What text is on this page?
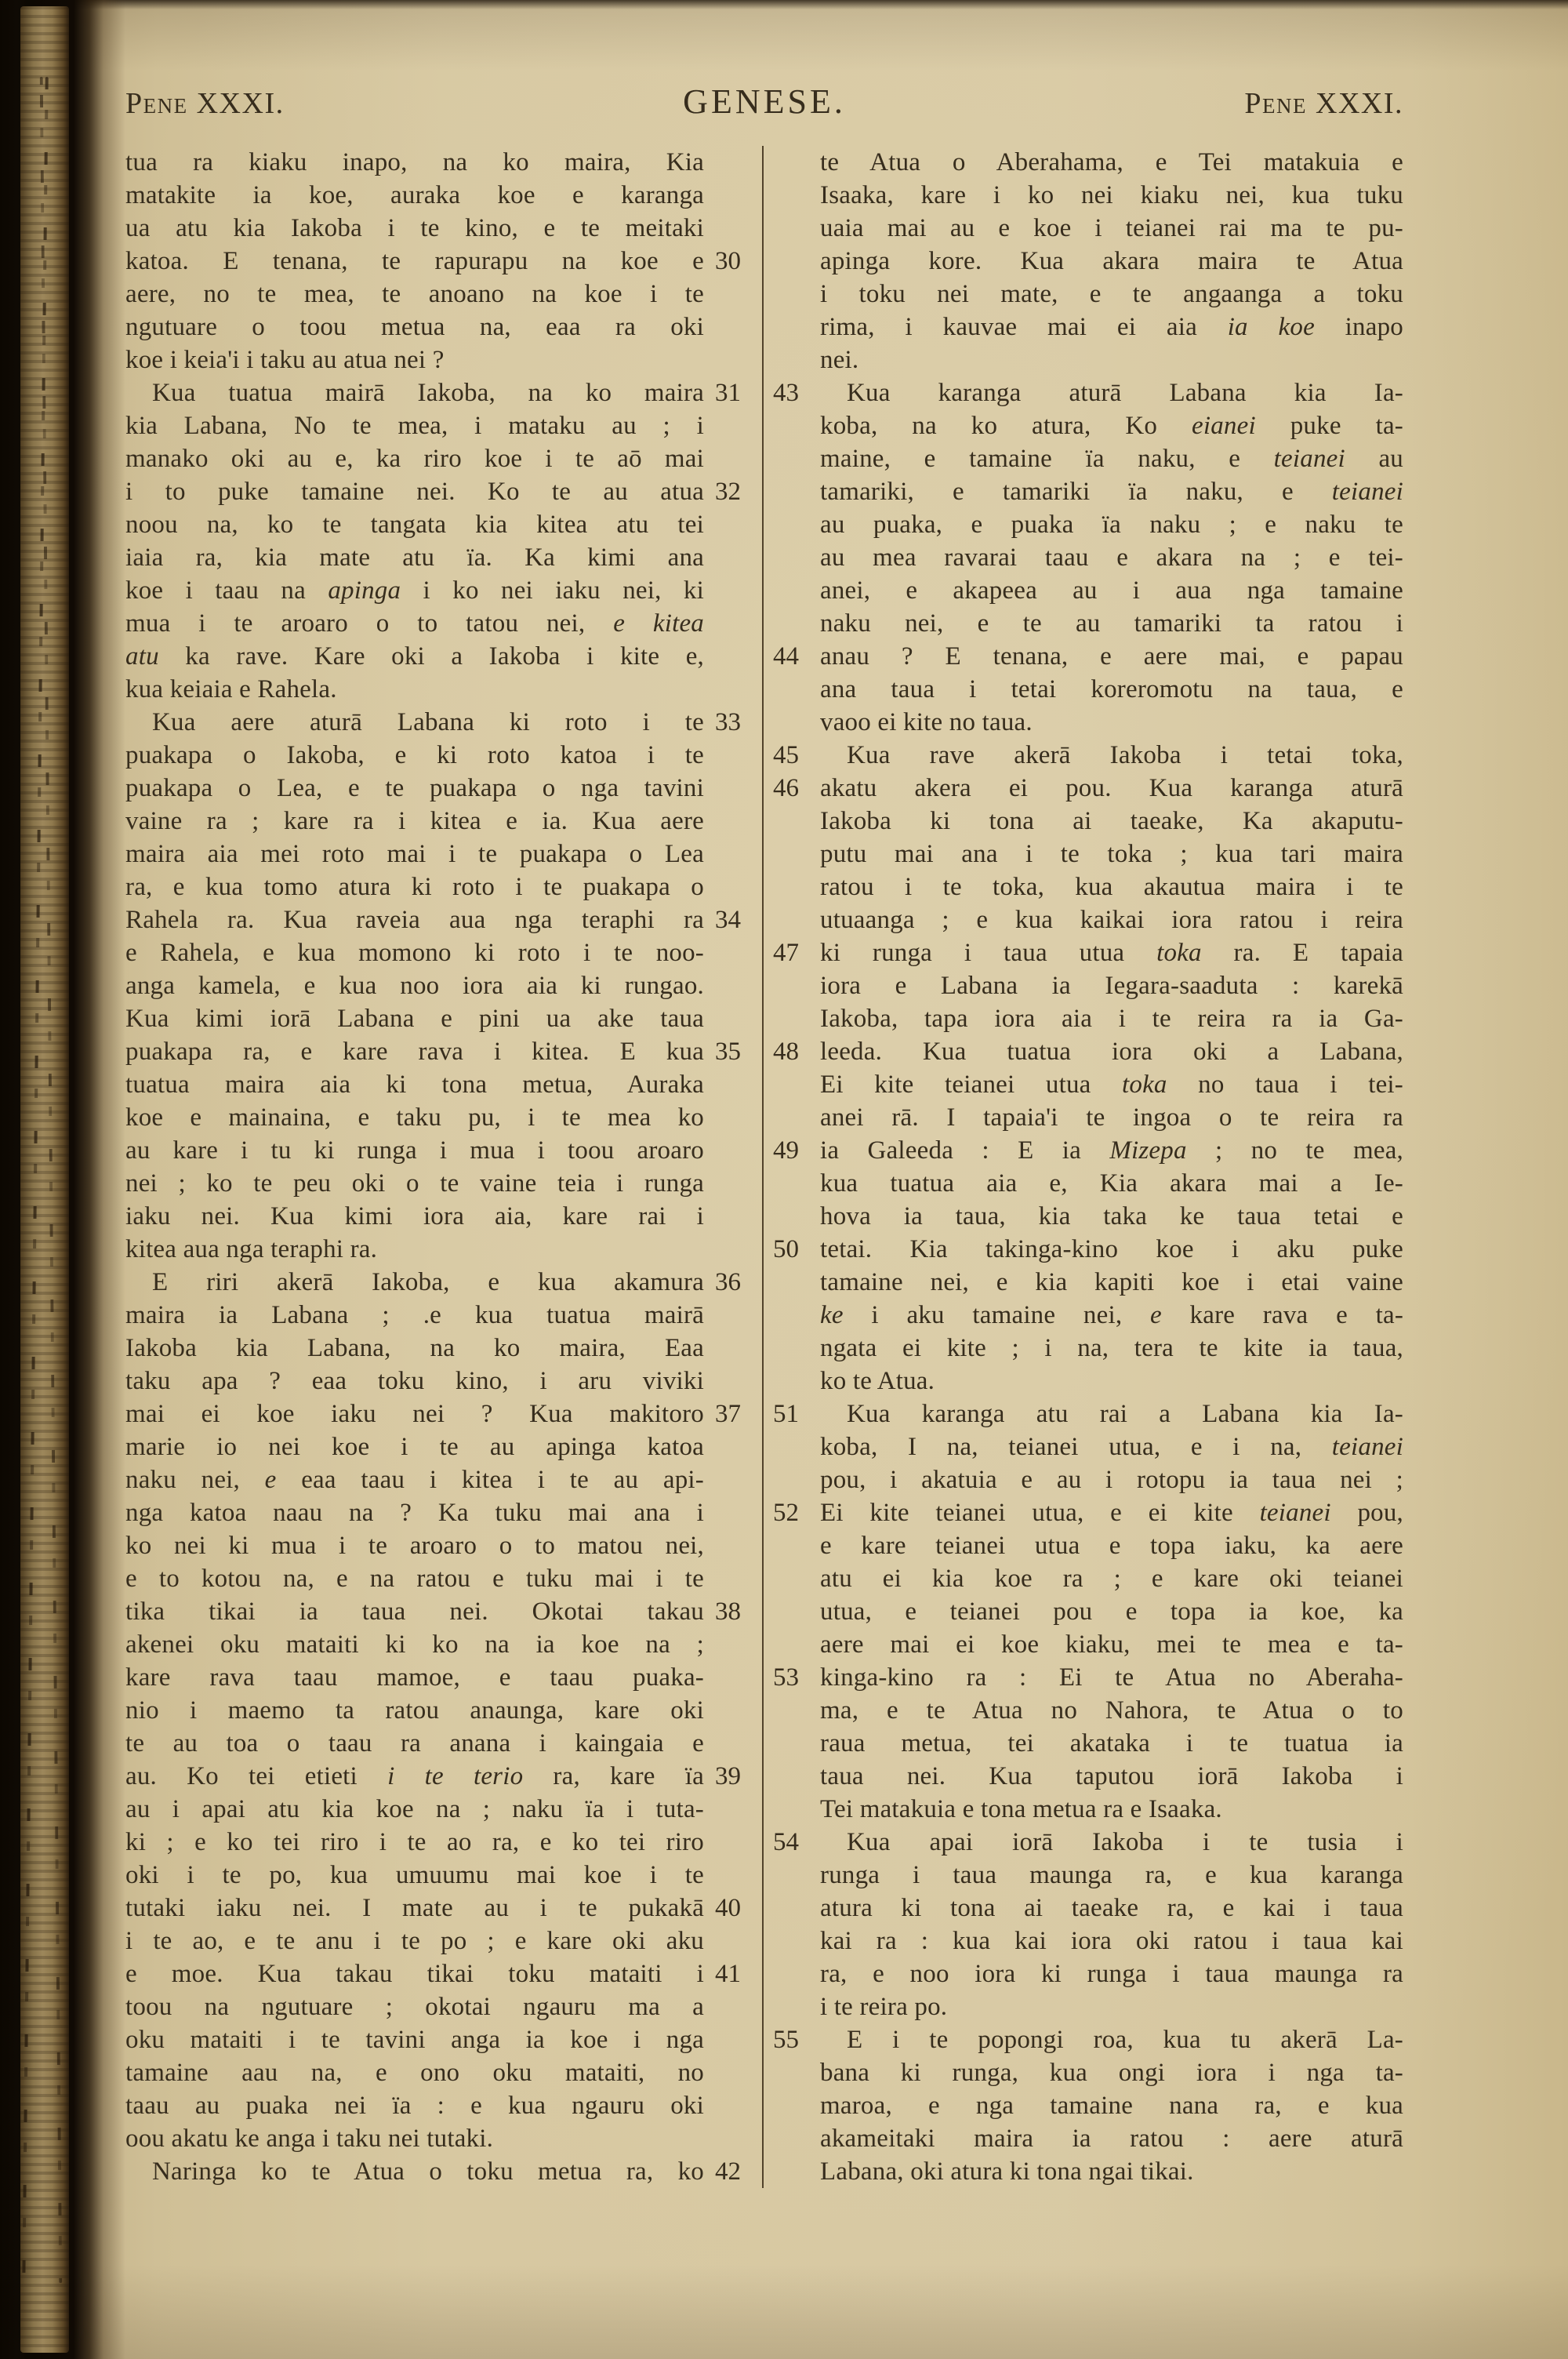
Pene XXXI.	GENESE.	Pene XXXI.
tua ra kiaku inapo, na ko maira, Kia
matakite ia koe, auraka koe e karanga
ua atu kia Iakoba i te kino, e te meitaki
katoa. E tenana, te rapurapu na koe e 30
aere, no te mea, te anoano na koe i te
ngutuare o toou metua na, eaa ra oki
koe i keia'i i taku au atua nei ?
Kua tuatua mairā Iakoba, na ko maira 31
kia Labana, No te mea, i mataku au ; i
manako oki au e, ka riro koe i te aō mai
i to puke tamaine nei. Ko te au atua 32
noou na, ko te tangata kia kitea atu tei
iaia ra, kia mate atu ïa. Ka kimi ana
koe i taau na apinga i ko nei iaku nei, ki
mua i te aroaro o to tatou nei, e kitea
atu ka rave. Kare oki a Iakoba i kite e,
kua keiaia e Rahela.
Kua aere aturā Labana ki roto i te 33
puakapa o Iakoba, e ki roto katoa i te
puakapa o Lea, e te puakapa o nga tavini
vaine ra ; kare ra i kitea e ia. Kua aere
maira aia mei roto mai i te puakapa o Lea
ra, e kua tomo atura ki roto i te puakapa o
Rahela ra. Kua raveia aua nga teraphi ra 34
e Rahela, e kua momono ki roto i te noo-
anga kamela, e kua noo iora aia ki rungao.
Kua kimi iorā Labana e pini ua ake taua
puakapa ra, e kare rava i kitea. E kua 35
tuatua maira aia ki tona metua, Auraka
koe e mainaina, e taku pu, i te mea ko
au kare i tu ki runga i mua i toou aroaro
nei ; ko te peu oki o te vaine teia i runga
iaku nei. Kua kimi iora aia, kare rai i
kitea aua nga teraphi ra.
E riri akerā Iakoba, e kua akamura 36
maira ia Labana ; .e kua tuatua mairā
Iakoba kia Labana, na ko maira, Eaa
taku apa ? eaa toku kino, i aru viviki
mai ei koe iaku nei ? Kua makitoro 37
marie io nei koe i te au apinga katoa
naku nei, e eaa taau i kitea i te au api-
nga katoa naau na ? Ka tuku mai ana i
ko nei ki mua i te aroaro o to matou nei,
e to kotou na, e na ratou e tuku mai i te
tika tikai ia taua nei. Okotai takau 38
akenei oku mataiti ki ko na ia koe na ;
kare rava taau mamoe, e taau puaka-
nio i maemo ta ratou anaunga, kare oki
te au toa o taau ra anana i kaingaia e
au. Ko tei etieti i te terio ra, kare ïa 39
au i apai atu kia koe na ; naku ïa i tuta-
ki ; e ko tei riro i te ao ra, e ko tei riro
oki i te po, kua umuumu mai koe i te
tutaki iaku nei. I mate au i te pukakā 40
i te ao, e te anu i te po ; e kare oki aku
e moe. Kua takau tikai toku mataiti i 41
toou na ngutuare ; okotai ngauru ma a
oku mataiti i te tavini anga ia koe i nga
tamaine aau na, e ono oku mataiti, no
taau au puaka nei ïa : e kua ngauru oki
oou akatu ke anga i taku nei tutaki.
Naringa ko te Atua o toku metua ra, ko 42
te Atua o Aberahama, e Tei matakuia e
Isaaka, kare i ko nei kiaku nei, kua tuku
uaia mai au e koe i teianei rai ma te pu-
apinga kore. Kua akara maira te Atua
i toku nei mate, e te angaanga a toku
rima, i kauvae mai ei aia ia koe inapo
nei.
43	Kua karanga aturā Labana kia Ia-
koba, na ko atura, Ko eianei puke ta-
maine, e tamaine ïa naku, e teianei au
tamariki, e tamariki ïa naku, e teianei
au puaka, e puaka ïa naku ; e naku te
au mea ravarai taau e akara na ; e tei-
anei, e akapeea au i aua nga tamaine
naku nei, e te au tamariki ta ratou i
44 anau ? E tenana, e aere mai, e papau
ana taua i tetai koreromotu na taua, e
vaoo ei kite no taua.
45	Kua rave akerā Iakoba i tetai toka,
46 akatu akera ei pou. Kua karanga aturā
Iakoba ki tona ai taeake, Ka akaputu-
putu mai ana i te toka ; kua tari maira
ratou i te toka, kua akautua maira i te
utuaanga ; e kua kaikai iora ratou i reira
47 ki runga i taua utua toka ra. E tapaia
iora e Labana ia Iegara-saaduta : karekā
Iakoba, tapa iora aia i te reira ra ia Ga-
48 leeda. Kua tuatua iora oki a Labana,
Ei kite teianei utua toka no taua i tei-
anei rā. I tapaia'i te ingoa o te reira ra
49 ia Galeeda : E ia Mizepa ; no te mea,
kua tuatua aia e, Kia akara mai a Ie-
hova ia taua, kia taka ke taua tetai e
50 tetai. Kia takinga-kino koe i aku puke
tamaine nei, e kia kapiti koe i etai vaine
ke i aku tamaine nei, e kare rava e ta-
ngata ei kite ; i na, tera te kite ia taua,
ko te Atua.
51	Kua karanga atu rai a Labana kia Ia-
koba, I na, teianei utua, e i na, teianei
pou, i akatuia e au i rotopu ia taua nei ;
52 Ei kite teianei utua, e ei kite teianei pou,
e kare teianei utua e topa iaku, ka aere
atu ei kia koe ra ; e kare oki teianei
utua, e teianei pou e topa ia koe, ka
aere mai ei koe kiaku, mei te mea e ta-
53 kinga-kino ra : Ei te Atua no Aberaha-
ma, e te Atua no Nahora, te Atua o to
raua metua, tei akataka i te tuatua ia
taua nei. Kua taputou iorā Iakoba i
Tei matakuia e tona metua ra e Isaaka.
54	Kua apai iorā Iakoba i te tusia i
runga i taua maunga ra, e kua karanga
atura ki tona ai taeake ra, e kai i taua
kai ra : kua kai iora oki ratou i taua kai
ra, e noo iora ki runga i taua maunga ra
i te reira po.
55	E i te popongi roa, kua tu akerā La-
bana ki runga, kua ongi iora i nga ta-
maroa, e nga tamaine nana ra, e kua
akameitaki maira ia ratou : aere aturā
Labana, oki atura ki tona ngai tikai.
